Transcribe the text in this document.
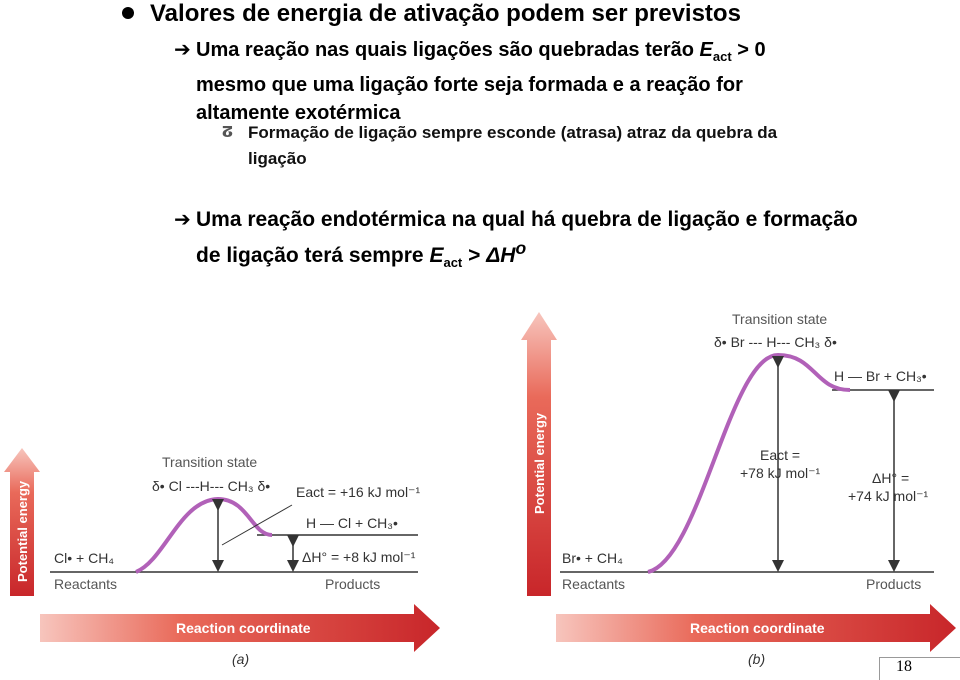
Valores de energia de ativação podem ser previstos
➔ Uma reação nas quais ligações são quebradas terão $E_{act} > 0$
mesmo que uma ligação forte seja formada e a reação for
altamente exotérmica
ⵒ Formação de ligação sempre esconde (atrasa) atraz da quebra da
ligação
➔ Uma reação endotérmica na qual há quebra de ligação e formação
de ligação terá sempre $E_{act} > \Delta H^o$
Potential energy
Reaction coordinate
Transition state
δ• Cl ---H--- CH₃ δ• Eact = +16 kJ mol⁻¹
H — Cl + CH₃•
ΔH° = +8 kJ mol⁻¹
Cl• + CH₄
Reactants	Products
(a)
Potential energy
Reaction coordinate
Transition state
δ• Br --- H--- CH₃ δ•
H — Br + CH₃•
Eact =
+78 kJ mol⁻¹	ΔH° =
+74 kJ mol⁻¹
Br• + CH₄
Reactants	Products
(b)	18
